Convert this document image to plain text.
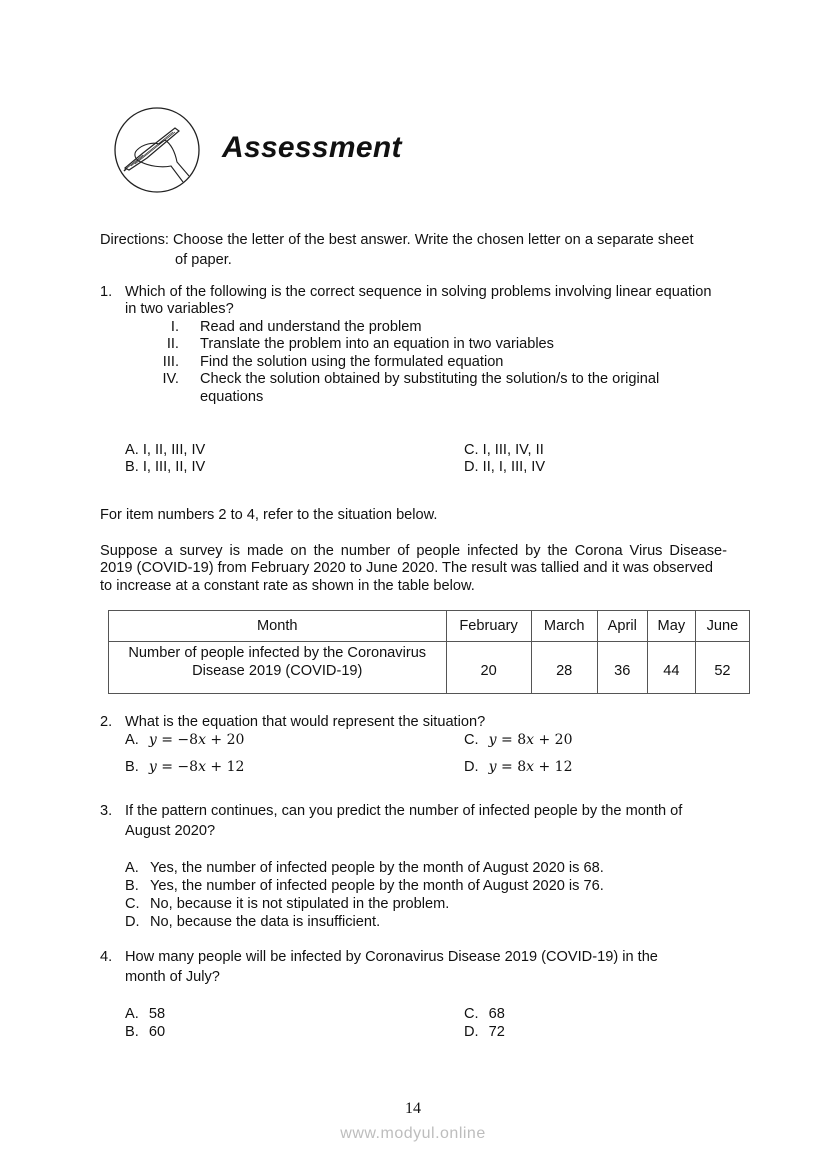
Assessment
Directions: Choose the letter of the best answer. Write the chosen letter on a separate sheet
of paper.
1. Which of the following is the correct sequence in solving problems involving linear equation
in two variables?
I. Read and understand the problem
II. Translate the problem into an equation in two variables
III. Find the solution using the formulated equation
IV. Check the solution obtained by substituting the solution/s to the original
equations
A. I, II, III, IV
B. I, III, II, IV
C. I, III, IV, II
D. II, I, III, IV
For item numbers 2 to 4, refer to the situation below.
Suppose a survey is made on the number of people infected by the Corona Virus Disease-
2019 (COVID-19) from February 2020 to June 2020. The result was tallied and it was observed
to increase at a constant rate as shown in the table below.
Month	February	March	April	May	June

Number of people infected by the Coronavirus
Disease 2019 (COVID-19)	20	28	36	44	52
2. What is the equation that would represent the situation?
A. y = −8x + 20
B. y = −8x + 12
C. y = 8x + 20
D. y = 8x + 12
3. If the pattern continues, can you predict the number of infected people by the month of
August 2020?
A. Yes, the number of infected people by the month of August 2020 is 68.
B. Yes, the number of infected people by the month of August 2020 is 76.
C. No, because it is not stipulated in the problem.
D. No, because the data is insufficient.
4. How many people will be infected by Coronavirus Disease 2019 (COVID-19) in the
month of July?
A. 58
B. 60
C. 68
D. 72
14
www.modyul.online
